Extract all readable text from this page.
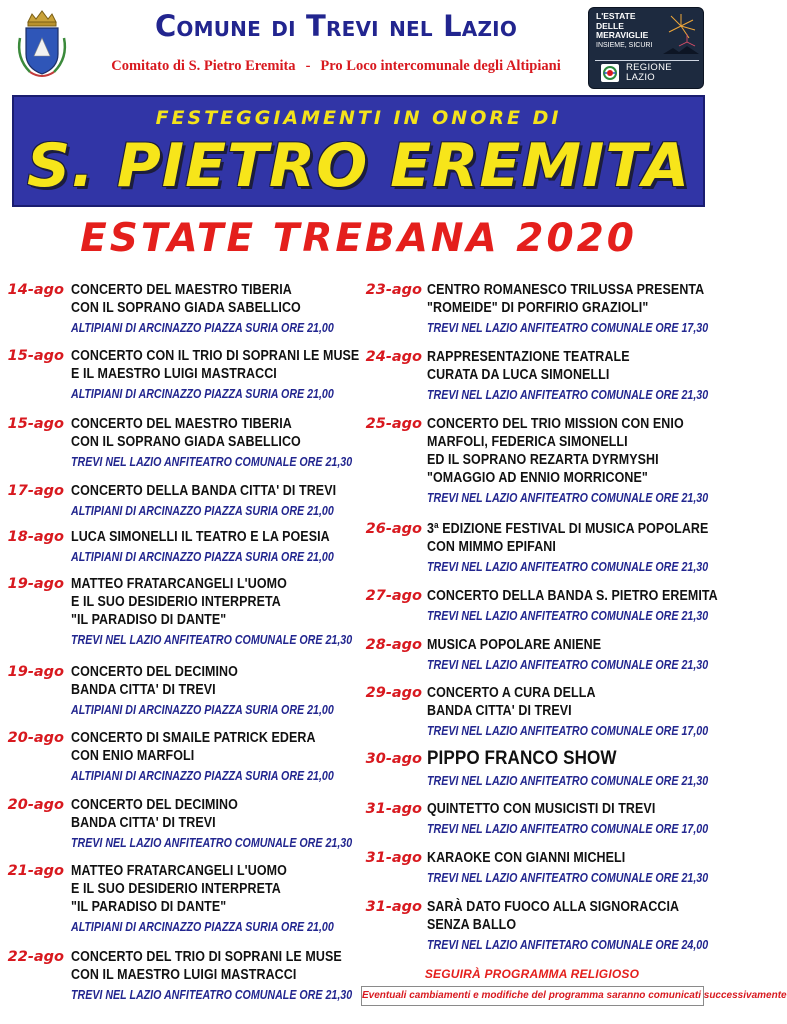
Comune di Trevi nel Lazio
Comitato di S. Pietro Eremita - Pro Loco intercomunale degli Altipiani
L'ESTATE
DELLE
MERAVIGLIE
INSIEME, SICURI
REGIONE
LAZIO
FESTEGGIAMENTI IN ONORE DI
S. PIETRO EREMITA
ESTATE TREBANA 2020
14-ago CONCERTO DEL MAESTRO TIBERIA
CON IL SOPRANO GIADA SABELLICO
ALTIPIANI DI ARCINAZZO PIAZZA SURIA ORE 21,00
15-ago CONCERTO CON IL TRIO DI SOPRANI LE MUSE
E IL MAESTRO LUIGI MASTRACCI
ALTIPIANI DI ARCINAZZO PIAZZA SURIA ORE 21,00
15-ago CONCERTO DEL MAESTRO TIBERIA
CON IL SOPRANO GIADA SABELLICO
TREVI NEL LAZIO ANFITEATRO COMUNALE ORE 21,30
17-ago CONCERTO DELLA BANDA CITTA' DI TREVI
ALTIPIANI DI ARCINAZZO PIAZZA SURIA ORE 21,00
18-ago LUCA SIMONELLI IL TEATRO E LA POESIA
ALTIPIANI DI ARCINAZZO PIAZZA SURIA ORE 21,00
19-ago MATTEO FRATARCANGELI L'UOMO
E IL SUO DESIDERIO INTERPRETA
"IL PARADISO DI DANTE"
TREVI NEL LAZIO ANFITEATRO COMUNALE ORE 21,30
19-ago CONCERTO DEL DECIMINO
BANDA CITTA' DI TREVI
ALTIPIANI DI ARCINAZZO PIAZZA SURIA ORE 21,00
20-ago CONCERTO DI SMAILE PATRICK EDERA
CON ENIO MARFOLI
ALTIPIANI DI ARCINAZZO PIAZZA SURIA ORE 21,00
20-ago CONCERTO DEL DECIMINO
BANDA CITTA' DI TREVI
TREVI NEL LAZIO ANFITEATRO COMUNALE ORE 21,30
21-ago MATTEO FRATARCANGELI L'UOMO
E IL SUO DESIDERIO INTERPRETA
"IL PARADISO DI DANTE"
ALTIPIANI DI ARCINAZZO PIAZZA SURIA ORE 21,00
22-ago CONCERTO DEL TRIO DI SOPRANI LE MUSE
CON IL MAESTRO LUIGI MASTRACCI
TREVI NEL LAZIO ANFITEATRO COMUNALE ORE 21,30
23-ago CENTRO ROMANESCO TRILUSSA PRESENTA
"ROMEIDE" DI PORFIRIO GRAZIOLI"
TREVI NEL LAZIO ANFITEATRO COMUNALE ORE 17,30
24-ago RAPPRESENTAZIONE TEATRALE
CURATA DA LUCA SIMONELLI
TREVI NEL LAZIO ANFITEATRO COMUNALE ORE 21,30
25-ago CONCERTO DEL TRIO MISSION CON ENIO
MARFOLI, FEDERICA SIMONELLI
ED IL SOPRANO REZARTA DYRMYSHI
"OMAGGIO AD ENNIO MORRICONE"
TREVI NEL LAZIO ANFITEATRO COMUNALE ORE 21,30
26-ago 3ª EDIZIONE FESTIVAL DI MUSICA POPOLARE
CON MIMMO EPIFANI
TREVI NEL LAZIO ANFITEATRO COMUNALE ORE 21,30
27-ago CONCERTO DELLA BANDA S. PIETRO EREMITA
TREVI NEL LAZIO ANFITEATRO COMUNALE ORE 21,30
28-ago MUSICA POPOLARE ANIENE
TREVI NEL LAZIO ANFITEATRO COMUNALE ORE 21,30
29-ago CONCERTO A CURA DELLA
BANDA CITTA' DI TREVI
TREVI NEL LAZIO ANFITEATRO COMUNALE ORE 17,00
30-ago PIPPO FRANCO SHOW
TREVI NEL LAZIO ANFITEATRO COMUNALE ORE 21,30
31-ago QUINTETTO CON MUSICISTI DI TREVI
TREVI NEL LAZIO ANFITEATRO COMUNALE ORE 17,00
31-ago KARAOKE CON GIANNI MICHELI
TREVI NEL LAZIO ANFITEATRO COMUNALE ORE 21,30
31-ago SARÀ DATO FUOCO ALLA SIGNORACCIA
SENZA BALLO
TREVI NEL LAZIO ANFITETARO COMUNALE ORE 24,00
SEGUIRÀ PROGRAMMA RELIGIOSO
Eventuali cambiamenti e modifiche del programma saranno comunicati successivamente
